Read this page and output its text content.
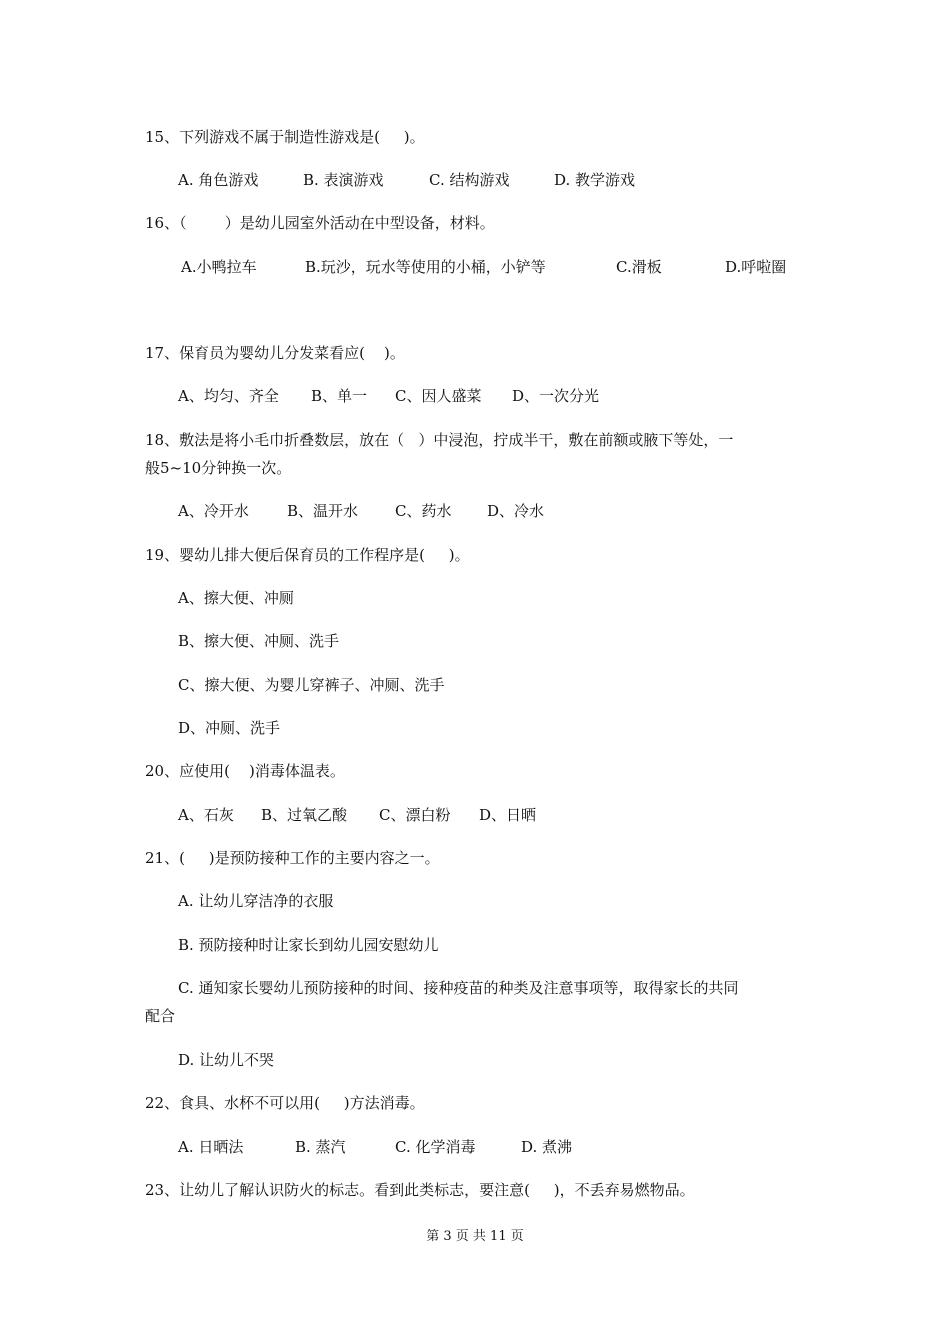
15、下列游戏不属于制造性游戏是(     )。
A. 角色游戏	B. 表演游戏	C. 结构游戏	D. 教学游戏
16、（        ）是幼儿园室外活动在中型设备，材料。
A.小鸭拉车	B.玩沙，玩水等使用的小桶，小铲等	C.滑板	D.呼啦圈
17、保育员为婴幼儿分发菜看应(    )。
A、均匀、齐全 B、单一 C、因人盛菜 D、一次分光
18、敷法是将小毛巾折叠数层，放在（   ）中浸泡，拧成半干，敷在前额或腋下等处，一
般5~10分钟换一次。
A、冷开水	B、温开水 C、药水 D、冷水
19、婴幼儿排大便后保育员的工作程序是(     )。
A、擦大便、冲厕
B、擦大便、冲厕、洗手
C、擦大便、为婴儿穿裤子、冲厕、洗手
D、冲厕、洗手
20、应使用(    )消毒体温表。
A、石灰 B、过氧乙酸 C、漂白粉 D、日晒
21、(     )是预防接种工作的主要内容之一。
A. 让幼儿穿洁净的衣服
B. 预防接种时让家长到幼儿园安慰幼儿
C. 通知家长婴幼儿预防接种的时间、接种疫苗的种类及注意事项等，取得家长的共同
配合
D. 让幼儿不哭
22、食具、水杯不可以用(     )方法消毒。
A. 日晒法	B. 蒸汽	C. 化学消毒	D. 煮沸
23、让幼儿了解认识防火的标志。看到此类标志，要注意(     )，不丢弃易燃物品。
第 3 页 共 11 页
